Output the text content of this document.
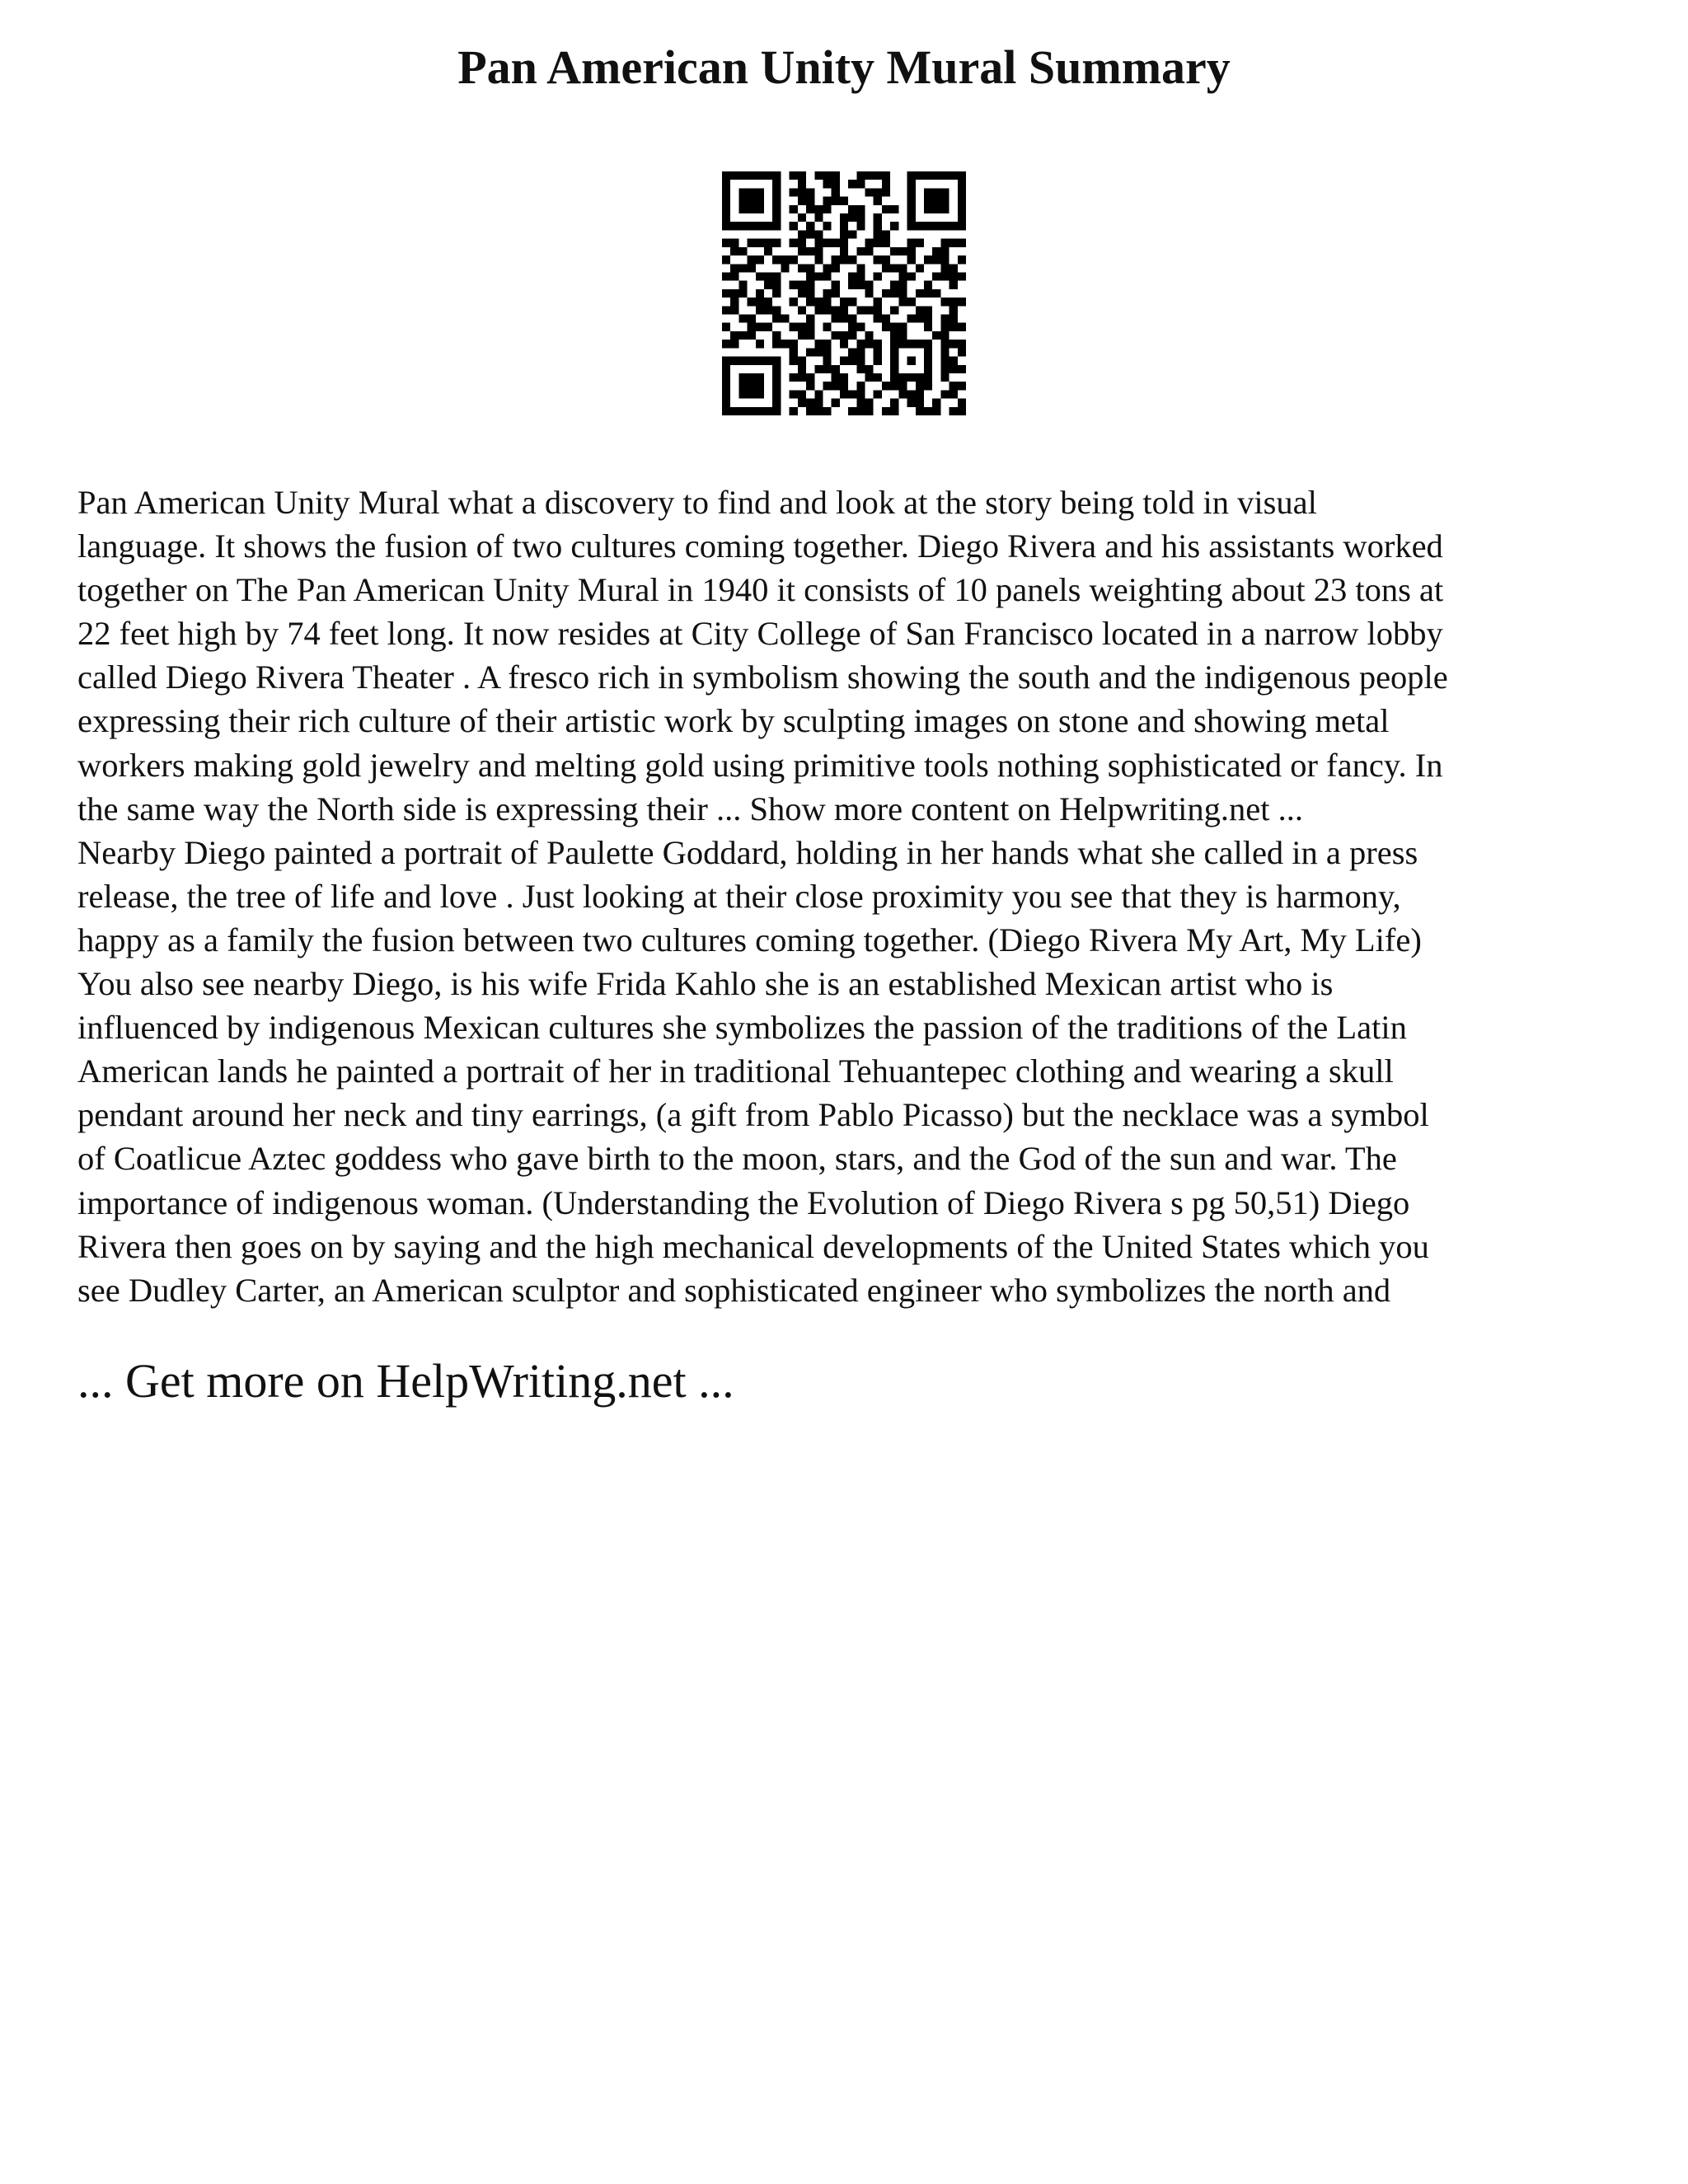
Pan American Unity Mural Summary
Pan American Unity Mural what a discovery to find and look at the story being told in visual
language. It shows the fusion of two cultures coming together. Diego Rivera and his assistants worked
together on The Pan American Unity Mural in 1940 it consists of 10 panels weighting about 23 tons at
22 feet high by 74 feet long. It now resides at City College of San Francisco located in a narrow lobby
called Diego Rivera Theater . A fresco rich in symbolism showing the south and the indigenous people
expressing their rich culture of their artistic work by sculpting images on stone and showing metal
workers making gold jewelry and melting gold using primitive tools nothing sophisticated or fancy. In
the same way the North side is expressing their ... Show more content on Helpwriting.net ...
Nearby Diego painted a portrait of Paulette Goddard, holding in her hands what she called in a press
release, the tree of life and love . Just looking at their close proximity you see that they is harmony,
happy as a family the fusion between two cultures coming together. (Diego Rivera My Art, My Life)
You also see nearby Diego, is his wife Frida Kahlo she is an established Mexican artist who is
influenced by indigenous Mexican cultures she symbolizes the passion of the traditions of the Latin
American lands he painted a portrait of her in traditional Tehuantepec clothing and wearing a skull
pendant around her neck and tiny earrings, (a gift from Pablo Picasso) but the necklace was a symbol
of Coatlicue Aztec goddess who gave birth to the moon, stars, and the God of the sun and war. The
importance of indigenous woman. (Understanding the Evolution of Diego Rivera s pg 50,51) Diego
Rivera then goes on by saying and the high mechanical developments of the United States which you
see Dudley Carter, an American sculptor and sophisticated engineer who symbolizes the north and

... Get more on HelpWriting.net ...
